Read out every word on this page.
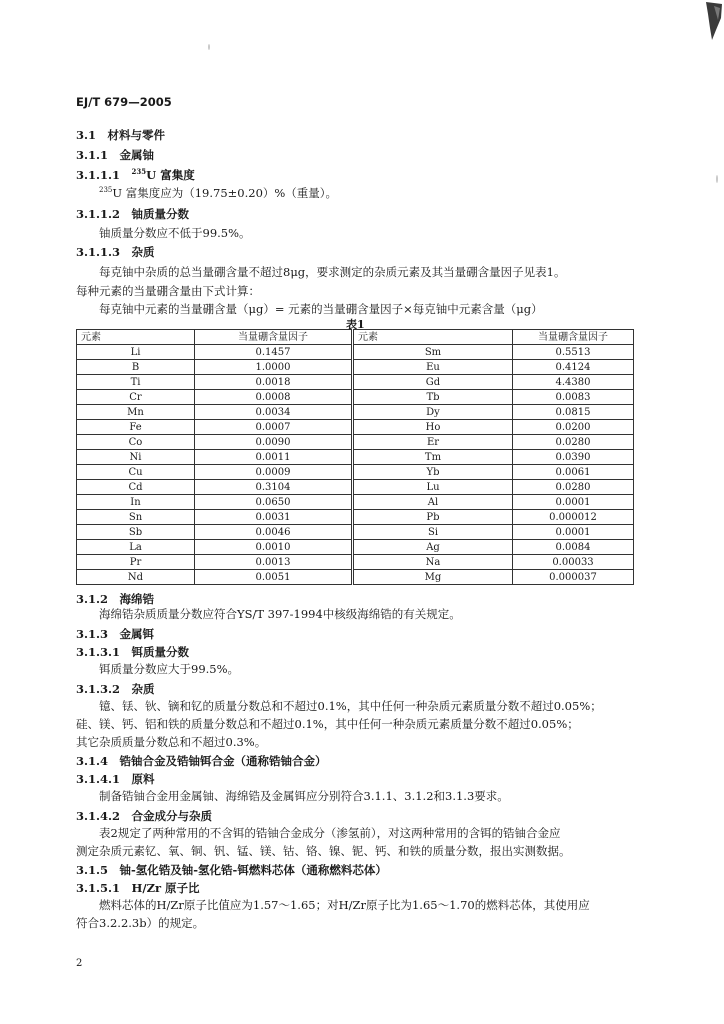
EJ/T 679—2005
3.1　材料与零件
3.1.1　金属铀
3.1.1.1　 $^{235}$U 富集度
$^{235}$U 富集度应为（19.75±0.20）%（重量）。
3.1.1.2　铀质量分数
铀质量分数应不低于99.5%。
3.1.1.3　杂质
每克铀中杂质的总当量硼含量不超过8μg，要求测定的杂质元素及其当量硼含量因子见表1。
每种元素的当量硼含量由下式计算：
每克铀中元素的当量硼含量（μg）= 元素的当量硼含量因子×每克铀中元素含量（μg）
表1
元素	当量硼含量因子	元素	当量硼含量因子
Li	0.1457	Sm	0.5513
B	1.0000	Eu	0.4124
Ti	0.0018	Gd	4.4380
Cr	0.0008	Tb	0.0083
Mn	0.0034	Dy	0.0815
Fe	0.0007	Ho	0.0200
Co	0.0090	Er	0.0280
Ni	0.0011	Tm	0.0390
Cu	0.0009	Yb	0.0061
Cd	0.3104	Lu	0.0280
In	0.0650	Al	0.0001
Sn	0.0031	Pb	0.000012
Sb	0.0046	Si	0.0001
La	0.0010	Ag	0.0084
Pr	0.0013	Na	0.00033
Nd	0.0051	Mg	0.000037
3.1.2　海绵锆
海绵锆杂质质量分数应符合YS/T 397-1994中核级海绵锆的有关规定。
3.1.3　金属铒
3.1.3.1　铒质量分数
铒质量分数应大于99.5%。
3.1.3.2　杂质
镱、铥、钬、镝和钇的质量分数总和不超过0.1%，其中任何一种杂质元素质量分数不超过0.05%；
硅、镁、钙、铝和铁的质量分数总和不超过0.1%，其中任何一种杂质元素质量分数不超过0.05%；
其它杂质质量分数总和不超过0.3%。
3.1.4　锆铀合金及锆铀铒合金（通称锆铀合金）
3.1.4.1　原料
制备锆铀合金用金属铀、海绵锆及金属铒应分别符合3.1.1、3.1.2和3.1.3要求。
3.1.4.2　合金成分与杂质
表2规定了两种常用的不含铒的锆铀合金成分（渗氢前），对这两种常用的含铒的锆铀合金应
测定杂质元素钇、氧、铜、钒、锰、镁、钴、铬、镍、铌、钙、和铁的质量分数，报出实测数据。
3.1.5　铀-氢化锆及铀-氢化锆-铒燃料芯体（通称燃料芯体）
3.1.5.1　H/Zr 原子比
燃料芯体的H/Zr原子比值应为1.57～1.65；对H/Zr原子比为1.65～1.70的燃料芯体，其使用应
符合3.2.2.3b）的规定。
2
